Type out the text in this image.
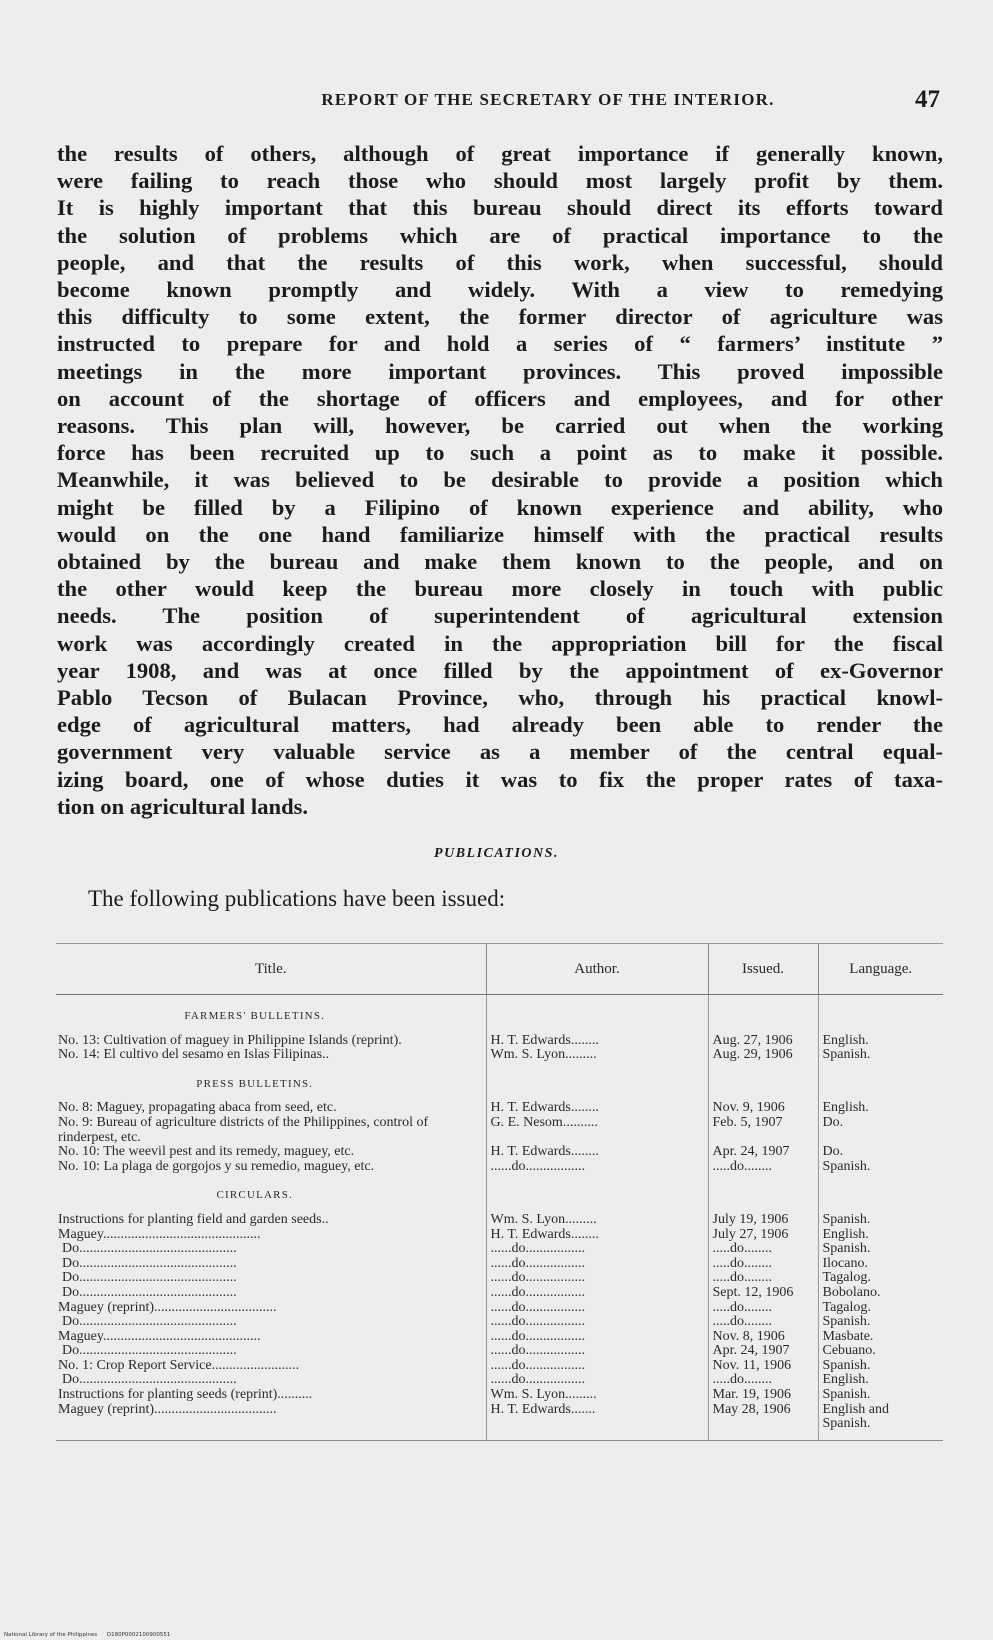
REPORT OF THE SECRETARY OF THE INTERIOR.	47
the results of others, although of great importance if generally known,
were failing to reach those who should most largely profit by them.
It is highly important that this bureau should direct its efforts toward
the solution of problems which are of practical importance to the
people, and that the results of this work, when successful, should
become known promptly and widely. With a view to remedying
this difficulty to some extent, the former director of agriculture was
instructed to prepare for and hold a series of “ farmers’ institute ”
meetings in the more important provinces. This proved impossible
on account of the shortage of officers and employees, and for other
reasons. This plan will, however, be carried out when the working
force has been recruited up to such a point as to make it possible.
Meanwhile, it was believed to be desirable to provide a position which
might be filled by a Filipino of known experience and ability, who
would on the one hand familiarize himself with the practical results
obtained by the bureau and make them known to the people, and on
the other would keep the bureau more closely in touch with public
needs. The position of superintendent of agricultural extension
work was accordingly created in the appropriation bill for the fiscal
year 1908, and was at once filled by the appointment of ex-Governor
Pablo Tecson of Bulacan Province, who, through his practical knowl-
edge of agricultural matters, had already been able to render the
government very valuable service as a member of the central equal-
izing board, one of whose duties it was to fix the proper rates of taxa-
tion on agricultural lands.
PUBLICATIONS.
The following publications have been issued:
Title.	Author.	Issued.	Language.

FARMERS' BULLETINS.			

No. 13: Cultivation of maguey in Philippine Islands (reprint).	H. T. Edwards........	Aug. 27, 1906	English.
No. 14: El cultivo del sesamo en Islas Filipinas..	Wm. S. Lyon.........	Aug. 29, 1906	Spanish.

PRESS BULLETINS.			

No. 8: Maguey, propagating abaca from seed, etc.	H. T. Edwards........	Nov. 9, 1906	English.
No. 9: Bureau of agriculture districts of the Philippines, control of rinderpest, etc.	G. E. Nesom..........	Feb. 5, 1907	Do.
No. 10: The weevil pest and its remedy, maguey, etc.	H. T. Edwards........	Apr. 24, 1907	Do.
No. 10: La plaga de gorgojos y su remedio, maguey, etc.	......do.................	.....do........	Spanish.

CIRCULARS.			

Instructions for planting field and garden seeds..	Wm. S. Lyon.........	July 19, 1906	Spanish.
Maguey.............................................	H. T. Edwards........	July 27, 1906	English.
Do.............................................	......do.................	.....do........	Spanish.
Do.............................................	......do.................	.....do........	Ilocano.
Do.............................................	......do.................	.....do........	Tagalog.
Do.............................................	......do.................	Sept. 12, 1906	Bobolano.
Maguey (reprint)...................................	......do.................	.....do........	Tagalog.
Do.............................................	......do.................	.....do........	Spanish.
Maguey.............................................	......do.................	Nov. 8, 1906	Masbate.
Do.............................................	......do.................	Apr. 24, 1907	Cebuano.
No. 1: Crop Report Service.........................	......do.................	Nov. 11, 1906	Spanish.
Do.............................................	......do.................	.....do........	English.
Instructions for planting seeds (reprint)..........	Wm. S. Lyon.........	Mar. 19, 1906	Spanish.
Maguey (reprint)...................................	H. T. Edwards.......	May 28, 1906	English and Spanish.
National Library of the Philippines D180P0002100900551
